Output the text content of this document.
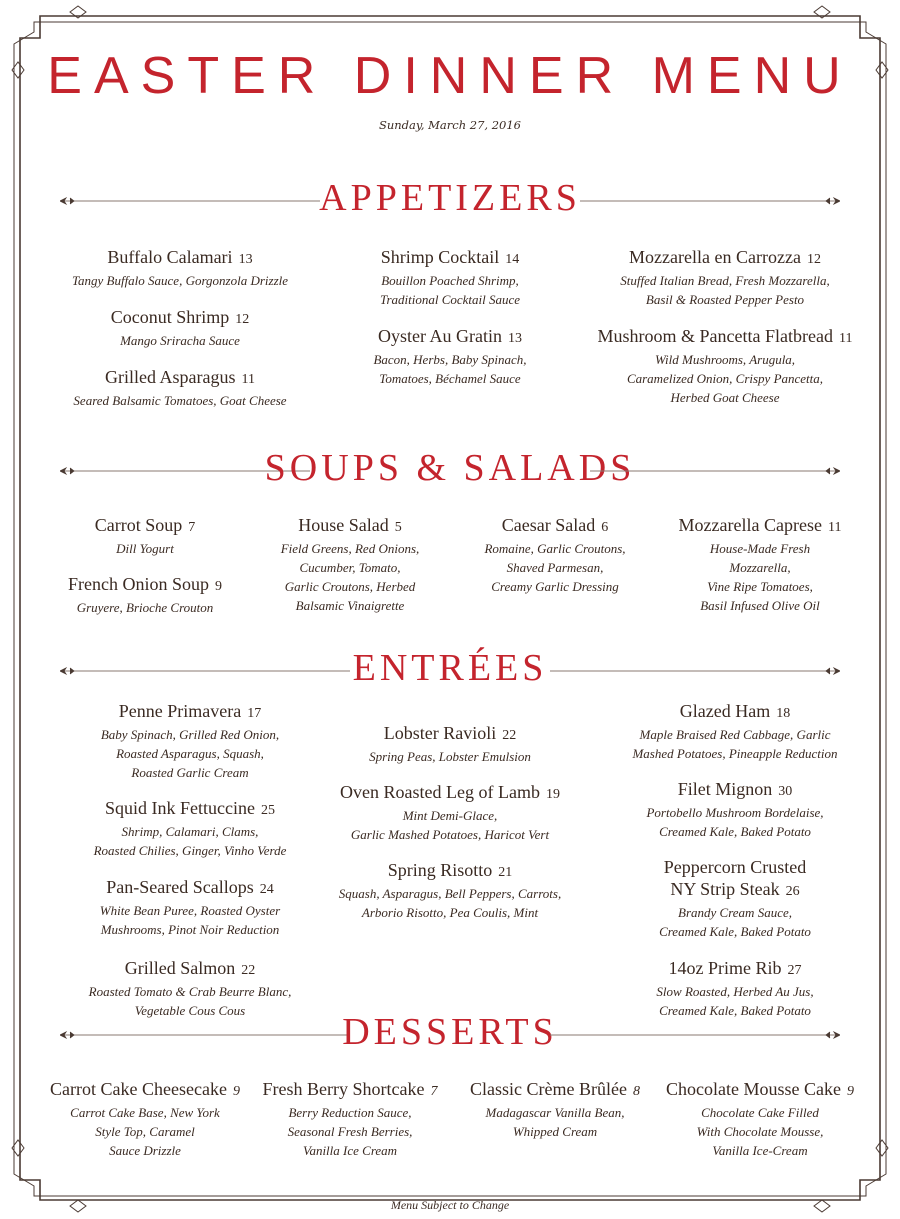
EASTER DINNER MENU
Sunday, March 27, 2016
APPETIZERS
Buffalo Calamari 13
Tangy Buffalo Sauce, Gorgonzola Drizzle
Coconut Shrimp 12
Mango Sriracha Sauce
Grilled Asparagus 11
Seared Balsamic Tomatoes, Goat Cheese
Shrimp Cocktail 14
Bouillon Poached Shrimp,
Traditional Cocktail Sauce
Oyster Au Gratin 13
Bacon, Herbs, Baby Spinach,
Tomatoes, Béchamel Sauce
Mozzarella en Carrozza 12
Stuffed Italian Bread, Fresh Mozzarella,
Basil & Roasted Pepper Pesto
Mushroom & Pancetta Flatbread 11
Wild Mushrooms, Arugula,
Caramelized Onion, Crispy Pancetta,
Herbed Goat Cheese
SOUPS & SALADS
Carrot Soup 7
Dill Yogurt
French Onion Soup 9
Gruyere, Brioche Crouton
House Salad 5
Field Greens, Red Onions,
Cucumber, Tomato,
Garlic Croutons, Herbed
Balsamic Vinaigrette
Caesar Salad 6
Romaine, Garlic Croutons,
Shaved Parmesan,
Creamy Garlic Dressing
Mozzarella Caprese 11
House-Made Fresh
Mozzarella,
Vine Ripe Tomatoes,
Basil Infused Olive Oil
ENTRÉES
Penne Primavera 17
Baby Spinach, Grilled Red Onion,
Roasted Asparagus, Squash,
Roasted Garlic Cream
Squid Ink Fettuccine 25
Shrimp, Calamari, Clams,
Roasted Chilies, Ginger, Vinho Verde
Pan-Seared Scallops 24
White Bean Puree, Roasted Oyster
Mushrooms, Pinot Noir Reduction
Grilled Salmon 22
Roasted Tomato & Crab Beurre Blanc,
Vegetable Cous Cous
Lobster Ravioli 22
Spring Peas, Lobster Emulsion
Oven Roasted Leg of Lamb 19
Mint Demi-Glace,
Garlic Mashed Potatoes, Haricot Vert
Spring Risotto 21
Squash, Asparagus, Bell Peppers, Carrots,
Arborio Risotto, Pea Coulis, Mint
Glazed Ham 18
Maple Braised Red Cabbage, Garlic
Mashed Potatoes, Pineapple Reduction
Filet Mignon 30
Portobello Mushroom Bordelaise,
Creamed Kale, Baked Potato
Peppercorn Crusted
NY Strip Steak 26
Brandy Cream Sauce,
Creamed Kale, Baked Potato
14oz Prime Rib 27
Slow Roasted, Herbed Au Jus,
Creamed Kale, Baked Potato
DESSERTS
Carrot Cake Cheesecake 9
Carrot Cake Base, New York
Style Top, Caramel
Sauce Drizzle
Fresh Berry Shortcake 7
Berry Reduction Sauce,
Seasonal Fresh Berries,
Vanilla Ice Cream
Classic Crème Brûlée 8
Madagascar Vanilla Bean,
Whipped Cream
Chocolate Mousse Cake 9
Chocolate Cake Filled
With Chocolate Mousse,
Vanilla Ice-Cream
Menu Subject to Change
